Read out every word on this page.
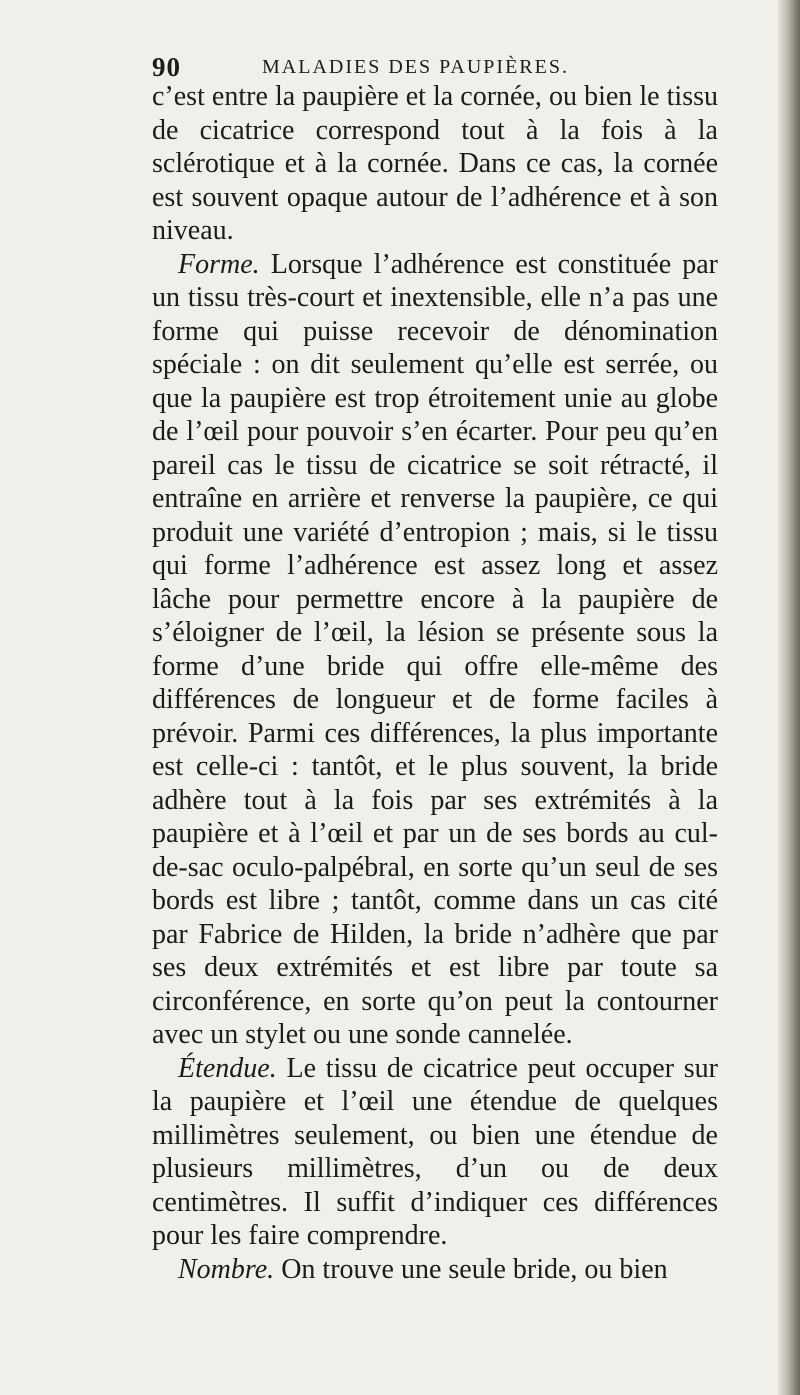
90	MALADIES DES PAUPIÈRES.

c’est entre la paupière et la cornée, ou bien le tissu de cicatrice correspond tout à la fois à la sclérotique et à la cornée. Dans ce cas, la cornée est souvent opaque autour de l’adhérence et à son niveau.

Forme. Lorsque l’adhérence est constituée par un tissu très-court et inextensible, elle n’a pas une forme qui puisse recevoir de dénomination spéciale : on dit seulement qu’elle est serrée, ou que la paupière est trop étroitement unie au globe de l’œil pour pouvoir s’en écarter. Pour peu qu’en pareil cas le tissu de cicatrice se soit rétracté, il entraîne en arrière et renverse la paupière, ce qui produit une variété d’entropion ; mais, si le tissu qui forme l’adhérence est assez long et assez lâche pour permettre encore à la paupière de s’éloigner de l’œil, la lésion se présente sous la forme d’une bride qui offre elle-même des différences de longueur et de forme faciles à prévoir. Parmi ces différences, la plus importante est celle-ci : tantôt, et le plus souvent, la bride adhère tout à la fois par ses extrémités à la paupière et à l’œil et par un de ses bords au cul-de-sac oculo-palpébral, en sorte qu’un seul de ses bords est libre ; tantôt, comme dans un cas cité par Fabrice de Hilden, la bride n’adhère que par ses deux extrémités et est libre par toute sa circonférence, en sorte qu’on peut la contourner avec un stylet ou une sonde cannelée.

Étendue. Le tissu de cicatrice peut occuper sur la paupière et l’œil une étendue de quelques millimètres seulement, ou bien une étendue de plusieurs millimètres, d’un ou de deux centimètres. Il suffit d’indiquer ces différences pour les faire comprendre.

Nombre. On trouve une seule bride, ou bien
